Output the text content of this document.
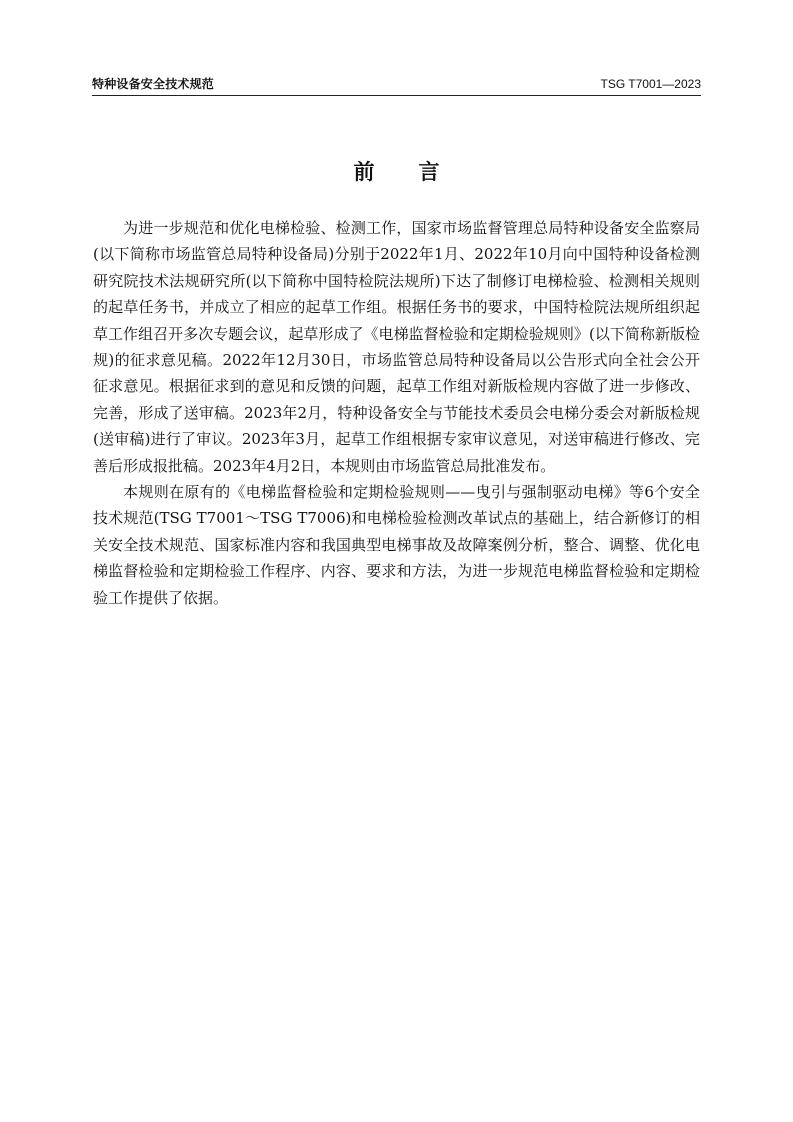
特种设备安全技术规范	TSG T7001—2023
前 言

为进一步规范和优化电梯检验、检测工作，国家市场监督管理总局特种设备安全监察局(以下简称市场监管总局特种设备局)分别于2022年1月、2022年10月向中国特种设备检测研究院技术法规研究所(以下简称中国特检院法规所)下达了制修订电梯检验、检测相关规则的起草任务书，并成立了相应的起草工作组。根据任务书的要求，中国特检院法规所组织起草工作组召开多次专题会议，起草形成了《电梯监督检验和定期检验规则》(以下简称新版检规)的征求意见稿。2022年12月30日，市场监管总局特种设备局以公告形式向全社会公开征求意见。根据征求到的意见和反馈的问题，起草工作组对新版检规内容做了进一步修改、完善，形成了送审稿。2023年2月，特种设备安全与节能技术委员会电梯分委会对新版检规(送审稿)进行了审议。2023年3月，起草工作组根据专家审议意见，对送审稿进行修改、完善后形成报批稿。2023年4月2日，本规则由市场监管总局批准发布。

本规则在原有的《电梯监督检验和定期检验规则——曳引与强制驱动电梯》等6个安全技术规范(TSG T7001～TSG T7006)和电梯检验检测改革试点的基础上，结合新修订的相关安全技术规范、国家标准内容和我国典型电梯事故及故障案例分析，整合、调整、优化电梯监督检验和定期检验工作程序、内容、要求和方法，为进一步规范电梯监督检验和定期检验工作提供了依据。
